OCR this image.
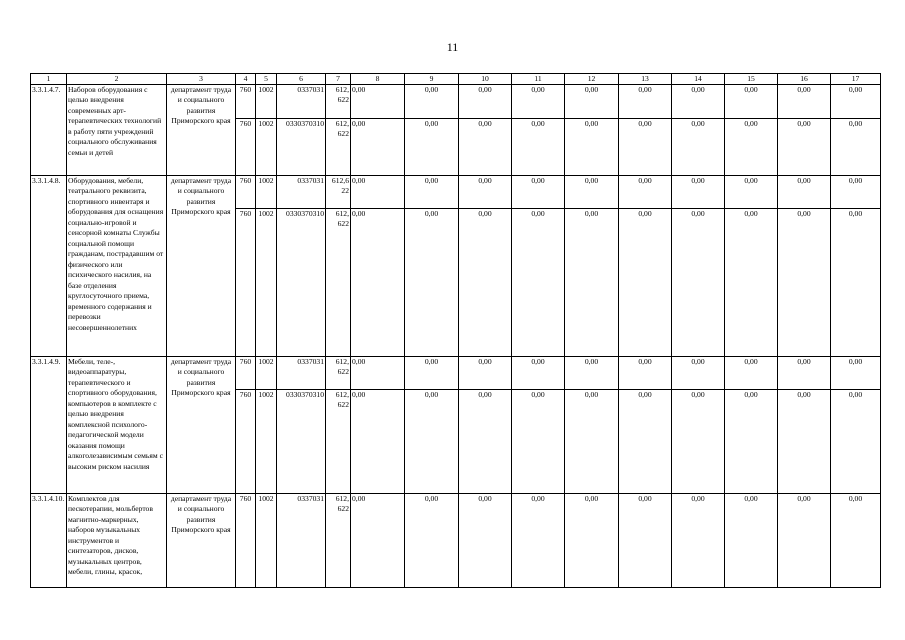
11
1	2	3	4	5	6	7	8	9	10	11	12	13	14	15	16	17
3.3.1.4.7.	Наборов оборудования с целью внедрения современных арт-терапевтических технологий в работу пяти учреждений социального обслуживания семьи и детей	департамент труда и социального развития Приморского края	760	1002	0337031	612, 622	0,00	0,00	0,00	0,00	0,00	0,00	0,00	0,00	0,00	0,00
			760	1002	0330370310	612, 622	0,00	0,00	0,00	0,00	0,00	0,00	0,00	0,00	0,00	0,00
3.3.1.4.8.	Оборудования, мебели, театрального реквизита, спортивного инвентаря и оборудования для оснащения социально-игровой и сенсорной комнаты Службы социальной помощи гражданам, пострадавшим от физического или психического насилия, на базе отделения круглосуточного приема, временного содержания и перевозки несовершеннолетних	департамент труда и социального развития Приморского края	760	1002	0337031	612,6 22	0,00	0,00	0,00	0,00	0,00	0,00	0,00	0,00	0,00	0,00
			760	1002	0330370310	612, 622	0,00	0,00	0,00	0,00	0,00	0,00	0,00	0,00	0,00	0,00
3.3.1.4.9.	Мебели, теле-, видеоаппаратуры, терапевтического и спортивного оборудования, компьютеров в комплекте с целью внедрения комплексной психолого-педагогической модели оказания помощи алкоголезависимым семьям с высоким риском насилия	департамент труда и социального развития Приморского края	760	1002	0337031	612, 622	0,00	0,00	0,00	0,00	0,00	0,00	0,00	0,00	0,00	0,00
			760	1002	0330370310	612, 622	0,00	0,00	0,00	0,00	0,00	0,00	0,00	0,00	0,00	0,00
3.3.1.4.10.	Комплектов для пескотерапии, мольбертов магнитно-маркерных, наборов музыкальных инструментов и синтезаторов, дисков, музыкальных центров, мебели, глины, красок,	департамент труда и социального развития Приморского края	760	1002	0337031	612, 622	0,00	0,00	0,00	0,00	0,00	0,00	0,00	0,00	0,00	0,00
